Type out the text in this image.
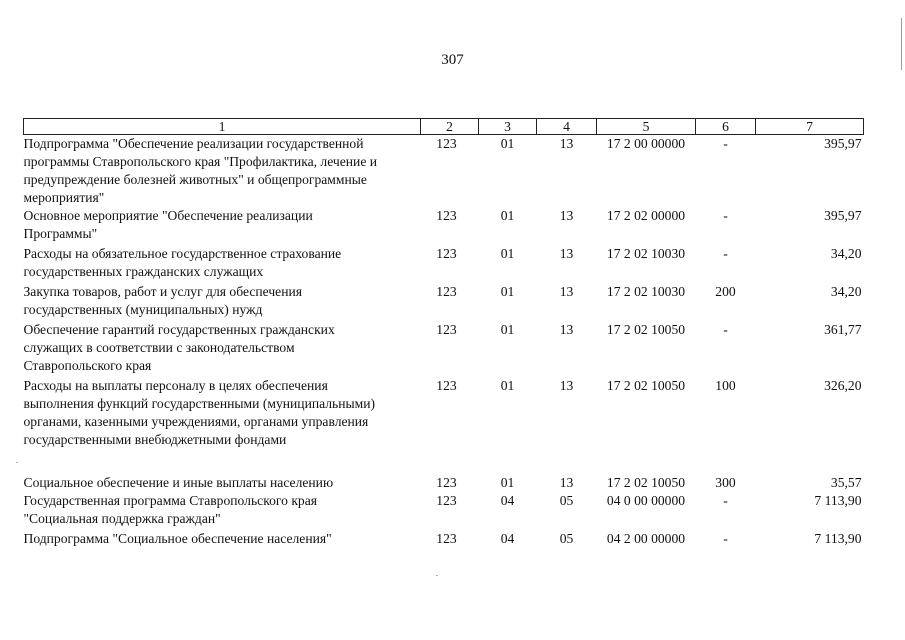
307
1	2	3	4	5	6	7
Подпрограмма "Обеспечение реализации государственной
программы Ставропольского края "Профилактика, лечение и
предупреждение болезней животных" и общепрограммные
мероприятия"	123	01	13	17 2 00 00000	-	395,97
Основное мероприятие "Обеспечение реализации
Программы"	123	01	13	17 2 02 00000	-	395,97
Расходы на обязательное государственное страхование
государственных гражданских служащих	123	01	13	17 2 02 10030	-	34,20
Закупка товаров, работ и услуг для обеспечения
государственных (муниципальных) нужд	123	01	13	17 2 02 10030	200	34,20
Обеспечение гарантий государственных гражданских
служащих в соответствии с законодательством
Ставропольского края	123	01	13	17 2 02 10050	-	361,77
Расходы на выплаты персоналу в целях обеспечения
выполнения функций государственными (муниципальными)
органами, казенными учреждениями, органами управления
государственными внебюджетными фондами	123	01	13	17 2 02 10050	100	326,20
Социальное обеспечение и иные выплаты населению	123	01	13	17 2 02 10050	300	35,57
Государственная программа Ставропольского края
"Социальная поддержка граждан"	123	04	05	04 0 00 00000	-	7 113,90
Подпрограмма "Социальное обеспечение населения"	123	04	05	04 2 00 00000	-	7 113,90
